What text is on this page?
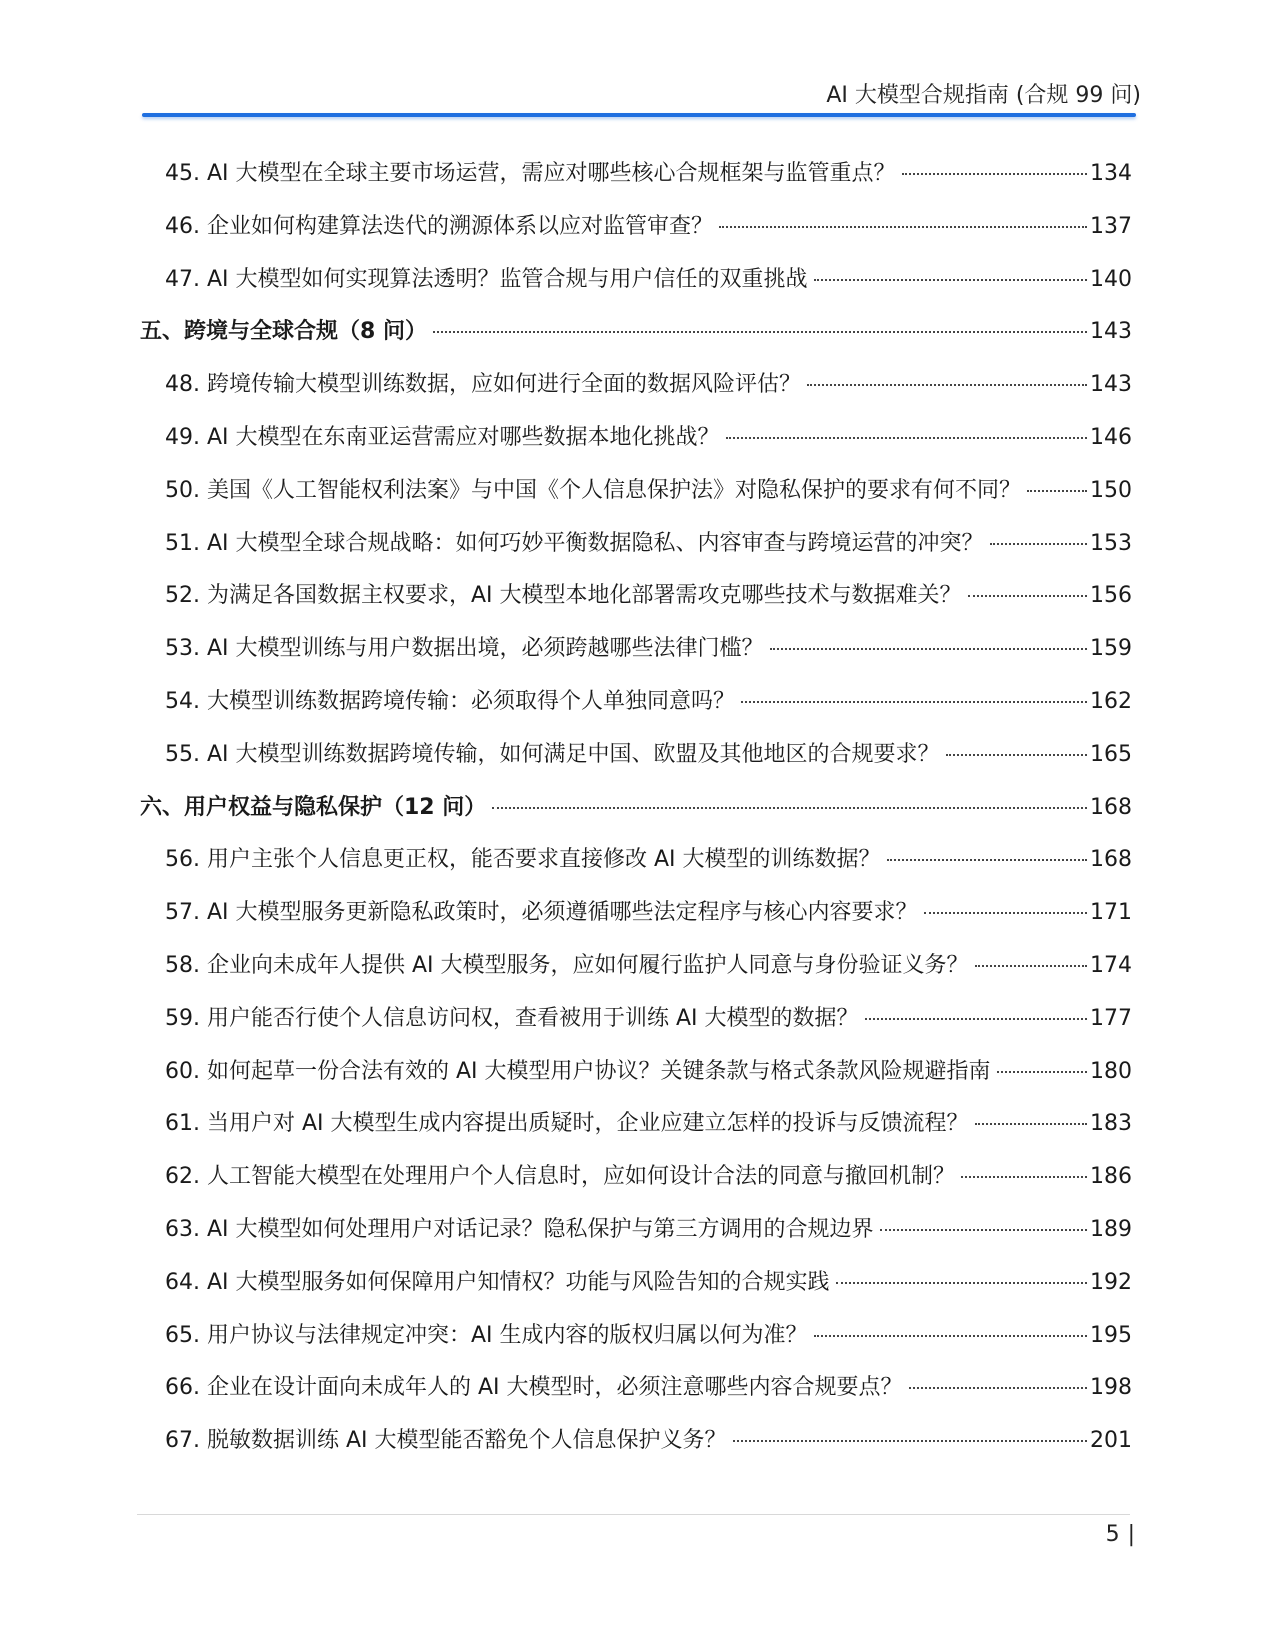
AI 大模型合规指南 (合规 99 问)
45. AI 大模型在全球主要市场运营，需应对哪些核心合规框架与监管重点？	134
46. 企业如何构建算法迭代的溯源体系以应对监管审查？	137
47. AI 大模型如何实现算法透明？监管合规与用户信任的双重挑战	140
五、跨境与全球合规（8 问）	143
48. 跨境传输大模型训练数据，应如何进行全面的数据风险评估？	143
49. AI 大模型在东南亚运营需应对哪些数据本地化挑战？	146
50. 美国《人工智能权利法案》与中国《个人信息保护法》对隐私保护的要求有何不同？	150
51. AI 大模型全球合规战略：如何巧妙平衡数据隐私、内容审查与跨境运营的冲突？	153
52. 为满足各国数据主权要求，AI 大模型本地化部署需攻克哪些技术与数据难关？	156
53. AI 大模型训练与用户数据出境，必须跨越哪些法律门槛？	159
54. 大模型训练数据跨境传输：必须取得个人单独同意吗？	162
55. AI 大模型训练数据跨境传输，如何满足中国、欧盟及其他地区的合规要求？	165
六、用户权益与隐私保护（12 问）	168
56. 用户主张个人信息更正权，能否要求直接修改 AI 大模型的训练数据？	168
57. AI 大模型服务更新隐私政策时，必须遵循哪些法定程序与核心内容要求？	171
58. 企业向未成年人提供 AI 大模型服务，应如何履行监护人同意与身份验证义务？	174
59. 用户能否行使个人信息访问权，查看被用于训练 AI 大模型的数据？	177
60. 如何起草一份合法有效的 AI 大模型用户协议？关键条款与格式条款风险规避指南	180
61. 当用户对 AI 大模型生成内容提出质疑时，企业应建立怎样的投诉与反馈流程？	183
62. 人工智能大模型在处理用户个人信息时，应如何设计合法的同意与撤回机制？	186
63. AI 大模型如何处理用户对话记录？隐私保护与第三方调用的合规边界	189
64. AI 大模型服务如何保障用户知情权？功能与风险告知的合规实践	192
65. 用户协议与法律规定冲突：AI 生成内容的版权归属以何为准？	195
66. 企业在设计面向未成年人的 AI 大模型时，必须注意哪些内容合规要点？	198
67. 脱敏数据训练 AI 大模型能否豁免个人信息保护义务？	201
5 |
